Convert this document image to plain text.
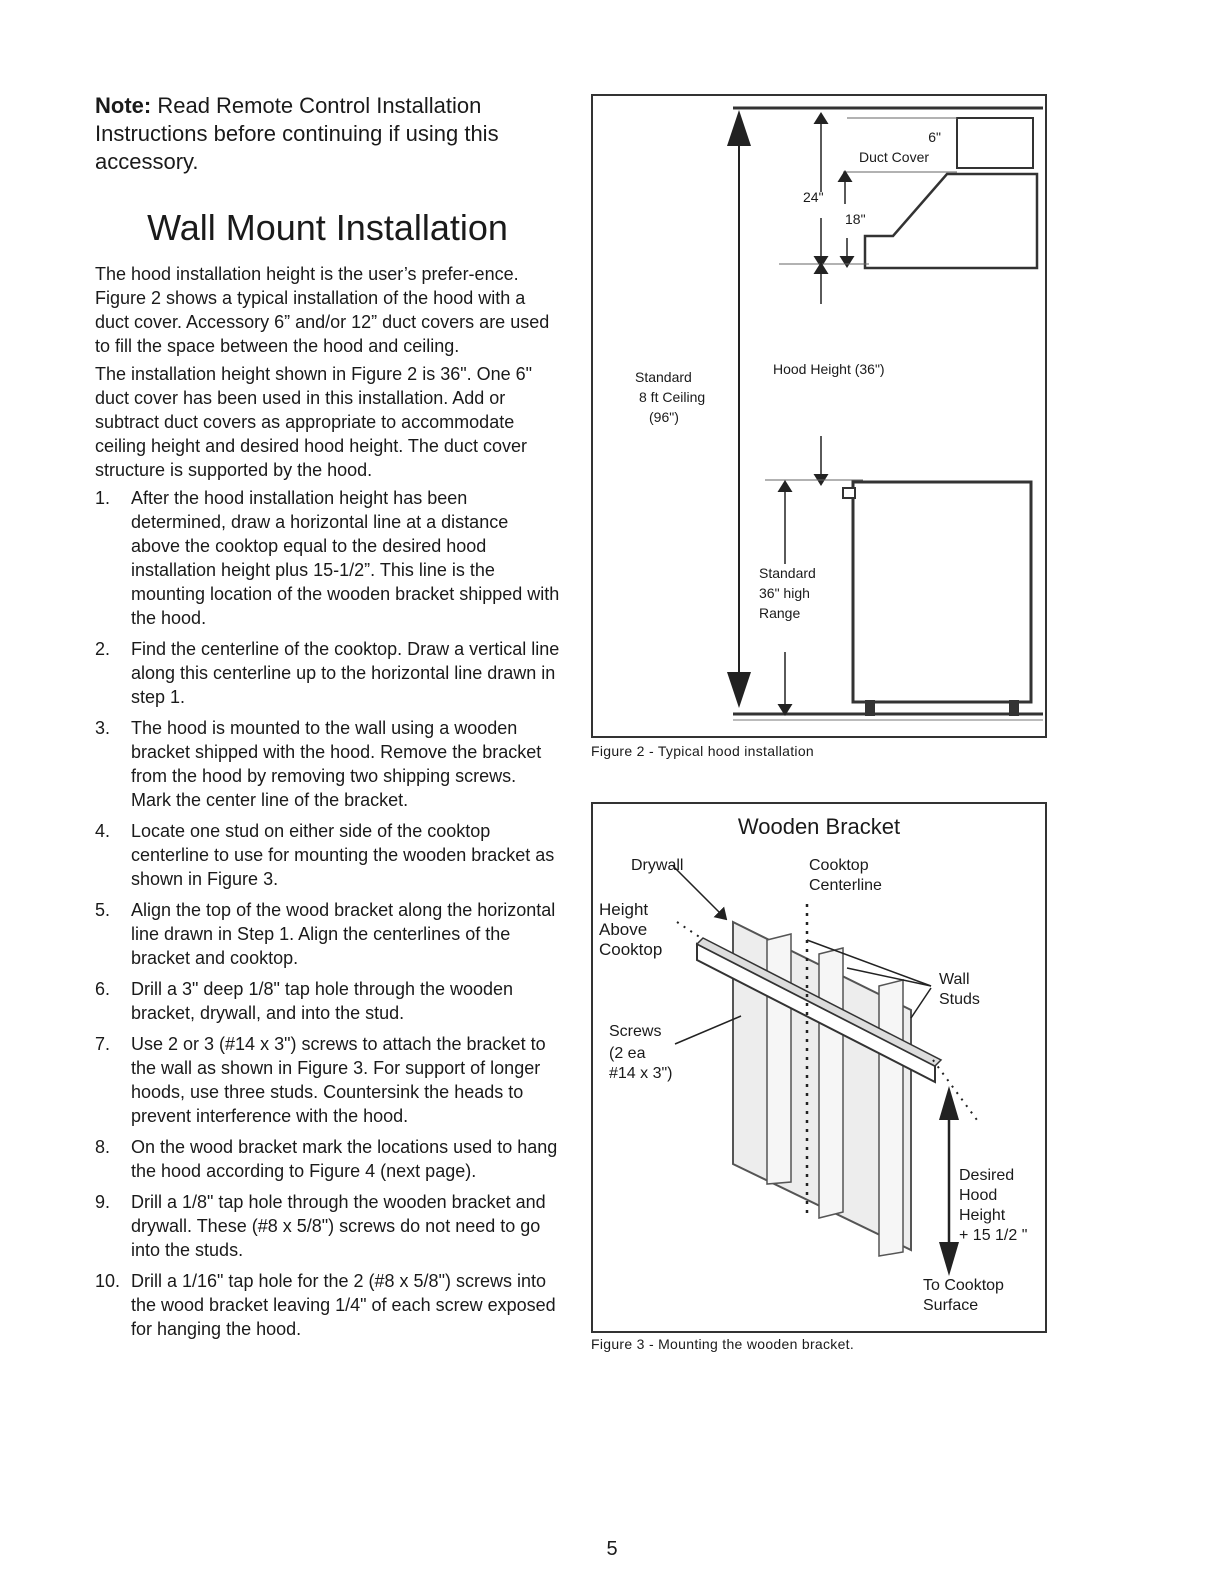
Note: Read Remote Control Installation Instructions before continuing if using this accessory.

Wall Mount Installation

The hood installation height is the user’s prefer-ence. Figure 2 shows a typical installation of the hood with a duct cover. Accessory 6” and/or 12” duct covers are used to fill the space between the hood and ceiling.

The installation height shown in Figure 2 is 36". One 6" duct cover has been used in this installation. Add or subtract duct covers as appropriate to accommodate ceiling height and desired hood height. The duct cover structure is supported by the hood.

1. After the hood installation height has been determined, draw a horizontal line at a distance above the cooktop equal to the desired hood installation height plus 15-1/2”. This line is the mounting location of the wooden bracket shipped with the hood.
2. Find the centerline of the cooktop. Draw a vertical line along this centerline up to the horizontal line drawn in step 1.
3. The hood is mounted to the wall using a wooden bracket shipped with the hood. Remove the bracket from the hood by removing two shipping screws. Mark the center line of the bracket.
4. Locate one stud on either side of the cooktop centerline to use for mounting the wooden bracket as shown in Figure 3.
5. Align the top of the wood bracket along the horizontal line drawn in Step 1. Align the centerlines of the bracket and cooktop.
6. Drill a 3" deep 1/8" tap hole through the wooden bracket, drywall, and into the stud.
7. Use 2 or 3 (#14 x 3") screws to attach the bracket to the wall as shown in Figure 3. For support of longer hoods, use three studs. Countersink the heads to prevent interference with the hood.
8. On the wood bracket mark the locations used to hang the hood according to Figure 4 (next page).
9. Drill a 1/8" tap hole through the wooden bracket and drywall. These (#8 x 5/8") screws do not need to go into the studs.
10. Drill a 1/16" tap hole for the 2 (#8 x 5/8") screws into the wood bracket leaving 1/4" of each screw exposed for hanging the hood.
6"
Duct Cover
24"
18"
Standard
8 ft Ceiling
(96")
Hood Height (36")
Standard
36" high
Range
Figure 2 - Typical hood installation
Wooden Bracket
Drywall	Cooktop
Centerline
Height
Above
Cooktop
Wall
Studs
Screws
(2 ea
#14 x 3")
Desired
Hood
Height
+ 15 1/2 "
To Cooktop
Surface
Figure 3 - Mounting the wooden bracket.
5
